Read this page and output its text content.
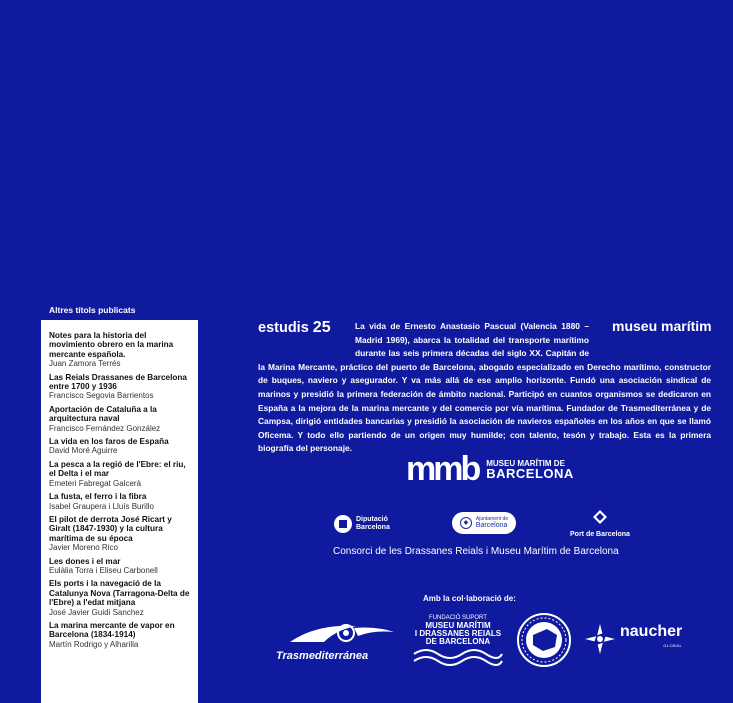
Altres títols publicats
Notes para la historia del movimiento obrero en la marina mercante española.
Juan Zamora Terrés
Las Reials Drassanes de Barcelona entre 1700 y 1936
Francisco Segovia Barrientos
Aportación de Cataluña a la arquitectura naval
Francisco Fernández González
La vida en los faros de España
David Moré Aguirre
La pesca a la regió de l'Ebre: el riu, el Delta i el mar
Emeteri Fabregat Galcerà
La fusta, el ferro i la fibra
Isabel Graupera i Lluís Burillo
El pilot de derrota José Ricart y Giralt (1847-1930) y la cultura marítima de su época
Javier Moreno Rico
Les dones i el mar
Eulàlia Torra i Eliseu Carbonell
Els ports i la navegació de la Catalunya Nova (Tarragona-Delta de l'Ebre) a l'edat mitjana
José Javier Guidi Sanchez
La marina mercante de vapor en Barcelona (1834-1914)
Martín Rodrigo y Alharilla
La vida de Ernesto Anastasio Pascual (Valencia 1880 – Madrid 1969), abarca la totalidad del transporte marítimo durante las seis primera décadas del siglo XX. Capitán de la Marina Mercante, práctico del puerto de Barcelona, abogado especializado en Derecho marítimo, constructor de buques, naviero y asegurador. Y va más allá de ese amplio horizonte. Fundó una asociación sindical de marinos y presidió la primera federación de ámbito nacional. Participó en cuantos organismos se dedicaron en España a la mejora de la marina mercante y del comercio por vía marítima. Fundador de Trasmediterránea y de Campsa, dirigió entidades bancarias y presidió la asociación de navieros españoles en los años en que se llamó Oficema. Y todo ello partiendo de un origen muy humilde; con talento, tesón y trabajo. Esta es la primera biografía del personaje.
estudis 25	museu marítim
mmb MUSEU MARÍTIM DE
BARCELONA
Diputació
Barcelona
◆
Ajuntament de
Barcelona
Port de Barcelona
Consorci de les Drassanes Reials i Museu Marítim de Barcelona
Amb la col·laboració de:
Trasmediterránea
FUNDACIÓ SUPORT
MUSEU MARÍTIM
I DRASSANES REIALS
DE BARCELONA
naucher
GLOBAL
